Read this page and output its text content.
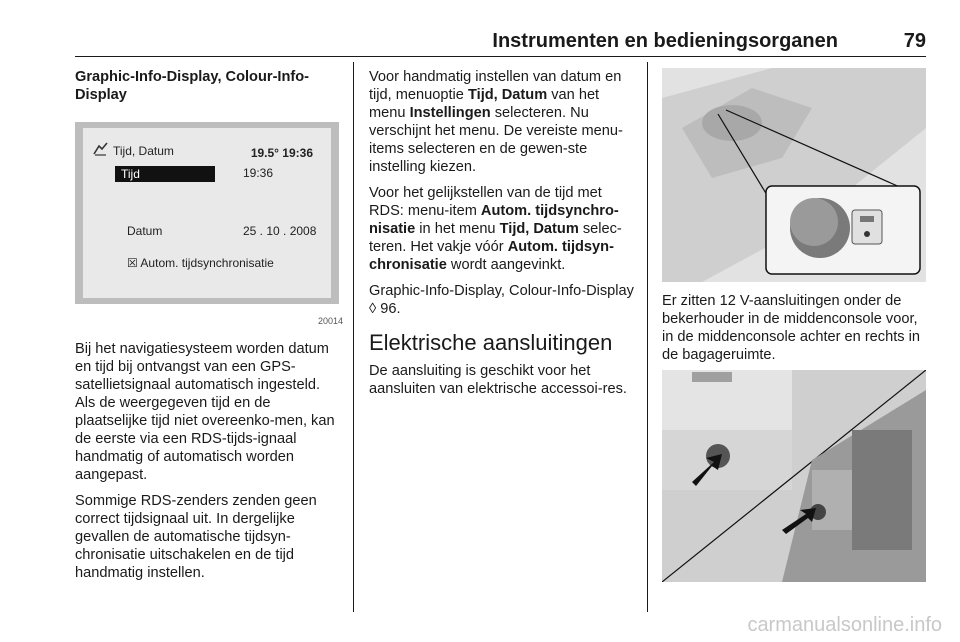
Instrumenten en bedieningsorganen	79

Graphic-Info-Display, Colour-Info-Display

Tijd, Datum	19.5° 19:36
Tijd	19:36
Datum	25 . 10 . 2008
☒ Autom. tijdsynchronisatie
20014

Bij het navigatiesysteem worden datum en tijd bij ontvangst van een GPS-satellietsignaal automatisch ingesteld. Als de weergegeven tijd en de plaatselijke tijd niet overeenko-men, kan de eerste via een RDS-tijds-ignaal handmatig of automatisch worden aangepast.

Sommige RDS-zenders zenden geen correct tijdsignaal uit. In dergelijke gevallen de automatische tijdsyn-chronisatie uitschakelen en de tijd handmatig instellen.

Voor handmatig instellen van datum en tijd, menuoptie Tijd, Datum van het menu Instellingen selecteren. Nu verschijnt het menu. De vereiste menu-items selecteren en de gewen-ste instelling kiezen.

Voor het gelijkstellen van de tijd met RDS: menu-item Autom. tijdsynchro-nisatie in het menu Tijd, Datum selec-teren. Het vakje vóór Autom. tijdsyn-chronisatie wordt aangevinkt.

Graphic-Info-Display, Colour-Info-Display ◊ 96.

Elektrische aansluitingen

De aansluiting is geschikt voor het aansluiten van elektrische accessoi-res.

Er zitten 12 V-aansluitingen onder de bekerhouder in de middenconsole voor, in de middenconsole achter en rechts in de bagageruimte.

carmanualsonline.info
